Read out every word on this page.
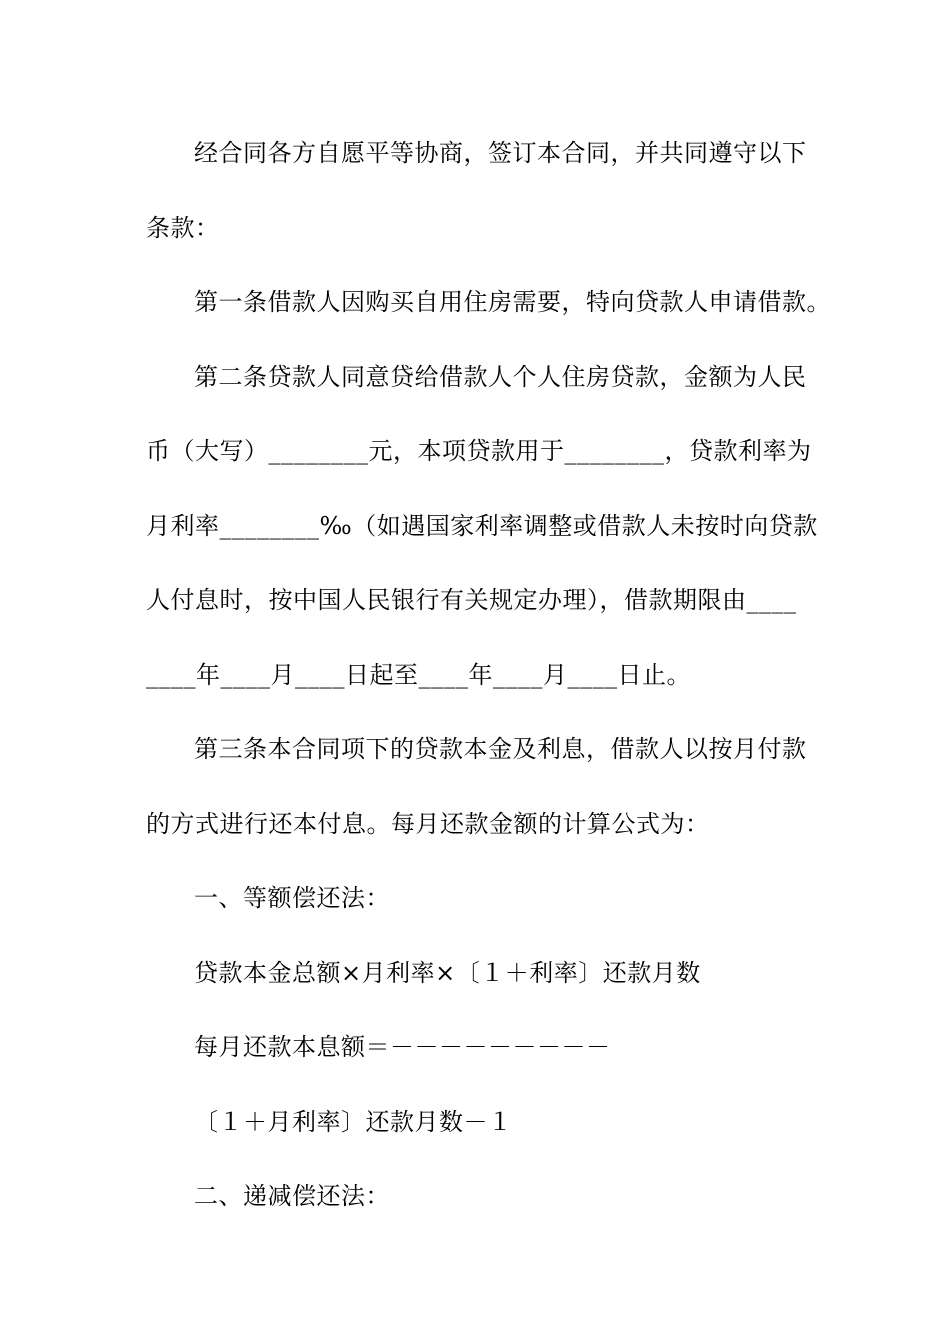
经合同各方自愿平等协商，签订本合同，并共同遵守以下
条款：
第一条借款人因购买自用住房需要，特向贷款人申请借款。
第二条贷款人同意贷给借款人个人住房贷款，金额为人民
币（大写）________元，本项贷款用于________，贷款利率为
月利率________‰（如遇国家利率调整或借款人未按时向贷款
人付息时，按中国人民银行有关规定办理），借款期限由____
____年____月____日起至____年____月____日止。
第三条本合同项下的贷款本金及利息，借款人以按月付款
的方式进行还本付息。每月还款金额的计算公式为：
一、等额偿还法：
贷款本金总额×月利率×〔１＋利率〕还款月数
每月还款本息额＝－－－－－－－－－
〔１＋月利率〕还款月数－１
二、递减偿还法：
